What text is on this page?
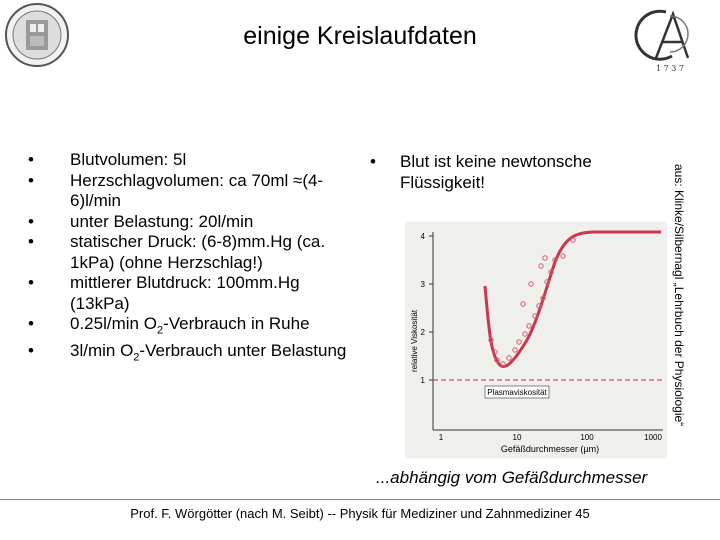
1 7 3 7
einige Kreislaufdaten
• Blutvolumen: 5l
• Herzschlagvolumen: ca 70ml ≈(4-6)l/min
• unter Belastung: 20l/min
• statischer Druck: (6-8)mm.Hg (ca. 1kPa) (ohne Herzschlag!)
• mittlerer Blutdruck: 100mm.Hg (13kPa)
• 0.25l/min $O_2$-Verbrauch in Ruhe
• 3l/min $O_2$-Verbrauch unter Belastung
• Blut ist keine newtonsche Flüssigkeit!
4
3
2
1
1	10	100	1000
relative Viskosität
Gefäßdurchmesser (µm)
Plasmaviskosität	aus: Klinke/Silbernagl „Lehrbuch der Physiologie“
...abhängig vom Gefäßdurchmesser
Prof. F. Wörgötter (nach M. Seibt) -- Physik für Mediziner und Zahnmediziner 45
